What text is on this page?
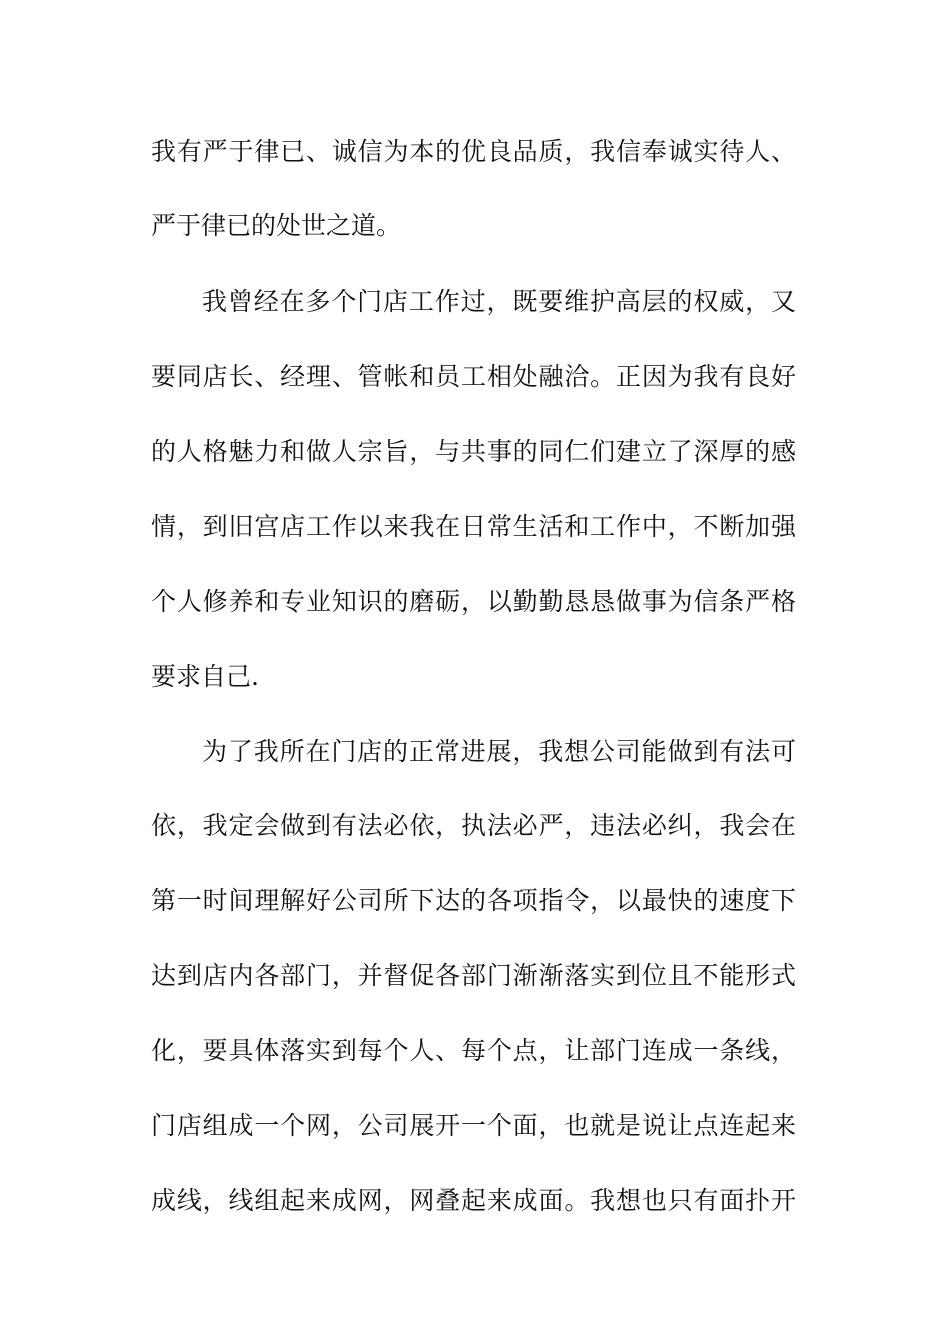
我有严于律已、诚信为本的优良品质，我信奉诚实待人、
严于律已的处世之道。
我曾经在多个门店工作过，既要维护高层的权威，又
要同店长、经理、管帐和员工相处融洽。正因为我有良好
的人格魅力和做人宗旨，与共事的同仁们建立了深厚的感
情，到旧宫店工作以来我在日常生活和工作中，不断加强
个人修养和专业知识的磨砺，以勤勤恳恳做事为信条严格
要求自己.
为了我所在门店的正常进展，我想公司能做到有法可
依，我定会做到有法必依，执法必严，违法必纠，我会在
第一时间理解好公司所下达的各项指令，以最快的速度下
达到店内各部门，并督促各部门渐渐落实到位且不能形式
化，要具体落实到每个人、每个点，让部门连成一条线，
门店组成一个网，公司展开一个面，也就是说让点连起来
成线，线组起来成网，网叠起来成面。我想也只有面扑开
